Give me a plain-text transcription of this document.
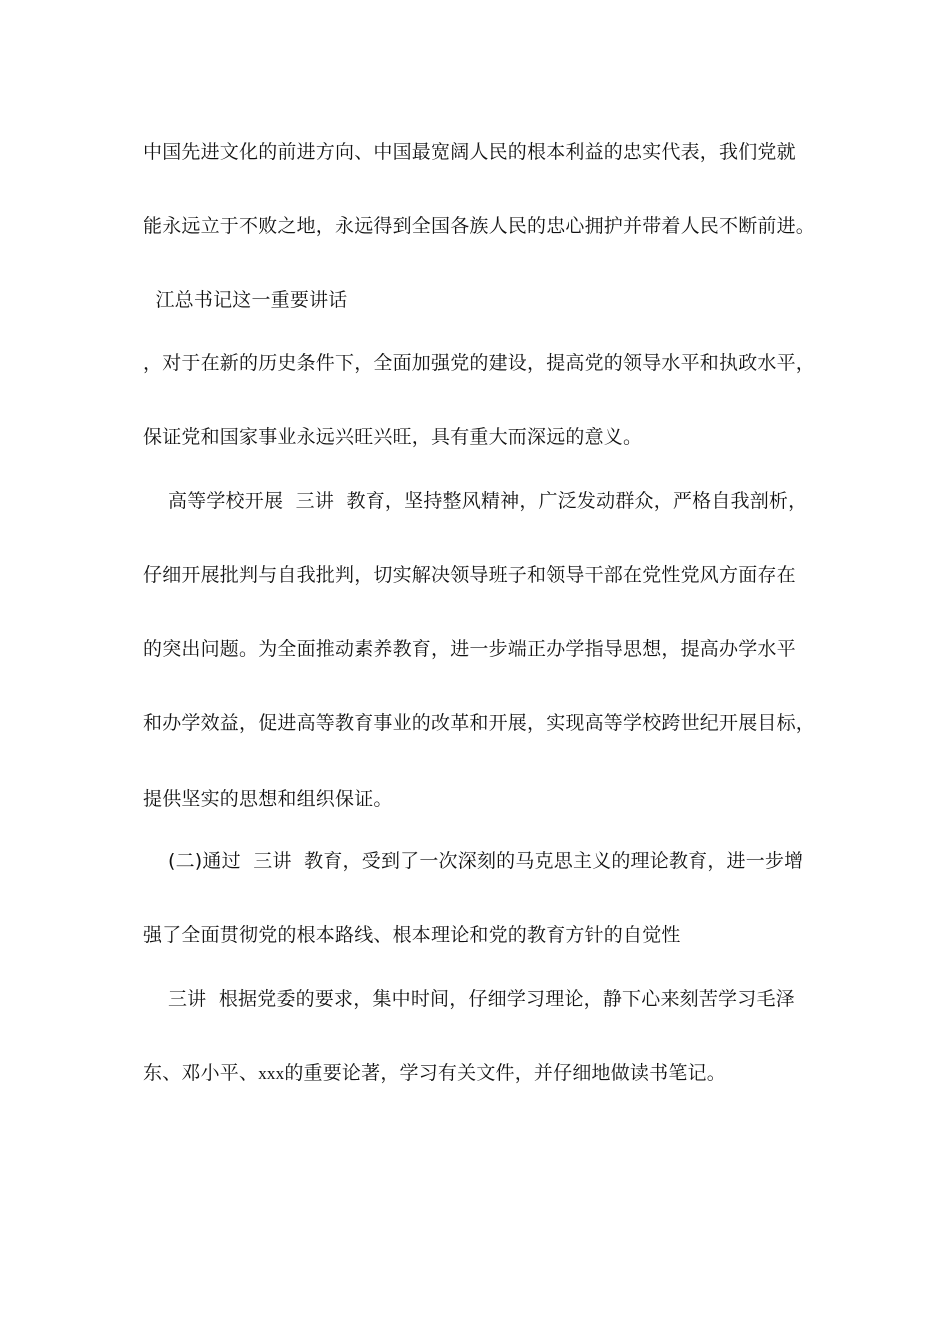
中国先进文化的前进方向、中国最宽阔人民的根本利益的忠实代表，我们党就
能永远立于不败之地，永远得到全国各族人民的忠心拥护并带着人民不断前进。
江总书记这一重要讲话
，对于在新的历史条件下，全面加强党的建设，提高党的领导水平和执政水平，
保证党和国家事业永远兴旺兴旺，具有重大而深远的意义。
高等学校开展  三讲  教育，坚持整风精神，广泛发动群众，严格自我剖析，
仔细开展批判与自我批判，切实解决领导班子和领导干部在党性党风方面存在
的突出问题。为全面推动素养教育，进一步端正办学指导思想，提高办学水平
和办学效益，促进高等教育事业的改革和开展，实现高等学校跨世纪开展目标，
提供坚实的思想和组织保证。
(二)通过  三讲  教育，受到了一次深刻的马克思主义的理论教育，进一步增
强了全面贯彻党的根本路线、根本理论和党的教育方针的自觉性
三讲  根据党委的要求，集中时间，仔细学习理论，静下心来刻苦学习毛泽
东、邓小平、xxx的重要论著，学习有关文件，并仔细地做读书笔记。
